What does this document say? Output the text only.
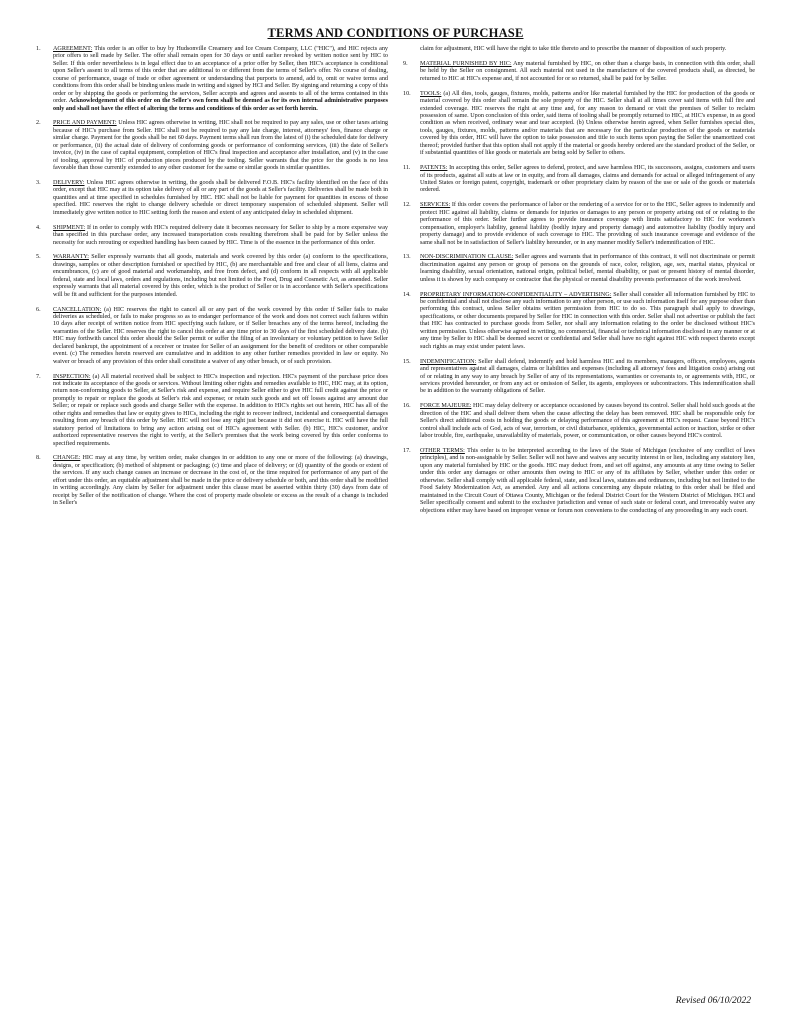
TERMS AND CONDITIONS OF PURCHASE
1. AGREEMENT: This order is an offer to buy by Hudsonville Creamery and Ice Cream Company, LLC ("HIC"), and HIC rejects any prior offers to sell made by Seller. The offer shall remain open for 30 days or until earlier revoked by written notice sent by HIC to Seller. If this order nevertheless is in legal effect due to an acceptance of a prior offer by Seller, then HIC's acceptance is conditional upon Seller's assent to all terms of this order that are additional to or different from the terms of Seller's offer. No course of dealing, course of performance, usage of trade or other agreement or understanding that purports to amend, add to, omit or waive terms and conditions from this order shall be binding unless made in writing and signed by HCI and Seller. By signing and returning a copy of this order or by shipping the goods or performing the services, Seller accepts and agrees and assents to all of the terms contained in this order. Acknowledgement of this order on the Seller's own form shall be deemed as for its own internal administrative purposes only and shall not have the effect of altering the terms and conditions of this order as set forth herein.
2. PRICE AND PAYMENT: Unless HIC agrees otherwise in writing, HIC shall not be required to pay any sales, use or other taxes arising because of HIC's purchase from Seller. HIC shall not be required to pay any late charge, interest, attorneys' fees, finance charge or similar charge. Payment for the goods shall be net 60 days. Payment terms shall run from the latest of (i) the scheduled date for delivery or performance, (ii) the actual date of delivery of conforming goods or performance of conforming services, (iii) the date of Seller's invoice, (iv) in the case of capital equipment, completion of HIC's final inspection and acceptance after installation, and (v) in the case of tooling, approval by HIC of production pieces produced by the tooling. Seller warrants that the price for the goods is no less favorable than those currently extended to any other customer for the same or similar goods in similar quantities.
3. DELIVERY: Unless HIC agrees otherwise in writing, the goods shall be delivered F.O.B. HIC's facility identified on the face of this order, except that HIC may at its option take delivery of all or any part of the goods at Seller's facility. Deliveries shall be made both in quantities and at time specified in schedules furnished by HIC. HIC shall not be liable for payment for quantities in excess of those specified. HIC reserves the right to change delivery schedule or direct temporary suspension of scheduled shipment. Seller will immediately give written notice to HIC setting forth the reason and extent of any anticipated delay in scheduled shipment.
4. SHIPMENT: If in order to comply with HIC's required delivery date it becomes necessary for Seller to ship by a more expensive way than specified in this purchase order, any increased transportation costs resulting therefrom shall be paid for by Seller unless the necessity for such rerouting or expedited handling has been caused by HIC. Time is of the essence in the performance of this order.
5. WARRANTY: Seller expressly warrants that all goods, materials and work covered by this order (a) conform to the specifications, drawings, samples or other description furnished or specified by HIC, (b) are merchantable and free and clear of all liens, claims and encumbrances, (c) are of good material and workmanship, and free from defect, and (d) conform in all respects with all applicable federal, state and local laws, orders and regulations, including but not limited to the Food, Drug and Cosmetic Act, as amended. Seller expressly warrants that all material covered by this order, which is the product of Seller or is in accordance with Seller's specifications will be fit and sufficient for the purposes intended.
6. CANCELLATION: (a) HIC reserves the right to cancel all or any part of the work covered by this order if Seller fails to make deliveries as scheduled, or fails to make progress so as to endanger performance of the work and does not correct such failures within 10 days after receipt of written notice from HIC specifying such failure, or if Seller breaches any of the terms hereof, including the warranties of the Seller. HIC reserves the right to cancel this order at any time prior to 30 days of the first scheduled delivery date. (b) HIC may forthwith cancel this order should the Seller permit or suffer the filing of an involuntary or voluntary petition to have Seller declared bankrupt, the appointment of a receiver or trustee for Seller of an assignment for the benefit of creditors or other comparable event. (c) The remedies herein reserved are cumulative and in addition to any other further remedies provided in law or equity. No waiver or breach of any provision of this order shall constitute a waiver of any other breach, or of such provision.
7. INSPECTION: (a) All material received shall be subject to HIC's inspection and rejection. HIC's payment of the purchase price does not indicate its acceptance of the goods or services. Without limiting other rights and remedies available to HIC, HIC may, at its option, return non-conforming goods to Seller, at Seller's risk and expense, and require Seller either to give HIC full credit against the price or promptly to repair or replace the goods at Seller's risk and expense; or retain such goods and set off losses against any amount due Seller; or repair or replace such goods and charge Seller with the expense. In addition to HIC's rights set out herein, HIC has all of the other rights and remedies that law or equity gives to HICs, including the right to recover indirect, incidental and consequential damages resulting from any breach of this order by Seller. HIC will not lose any right just because it did not exercise it. HIC will have the full statutory period of limitations to bring any action arising out of HIC's agreement with Seller. (b) HIC, HIC's customer, and/or authorized representative reserves the right to verify, at the Seller's premises that the work being covered by this order conforms to specified requirements.
8. CHANGE: HIC may at any time, by written order, make changes in or addition to any one or more of the following: (a) drawings, designs, or specification; (b) method of shipment or packaging; (c) time and place of delivery; or (d) quantity of the goods or extent of the services. If any such change causes an increase or decrease in the cost of, or the time required for performance of any part of the effort under this order, an equitable adjustment shall be made in the price or delivery schedule or both, and this order shall be modified in writing accordingly. Any claim by Seller for adjustment under this clause must be asserted within thirty (30) days from date of receipt by Seller of the notification of change. Where the cost of property made obsolete or excess as the result of a change is included in Seller's
claim for adjustment, HIC will have the right to take title thereto and to prescribe the manner of disposition of such property.
9. MATERIAL FURNISHED BY HIC: Any material furnished by HIC, on other than a charge basis, in connection with this order, shall be held by the Seller on consignment. All such material not used in the manufacture of the covered products shall, as directed, be returned to HIC at HIC's expense and, if not accounted for or so returned, shall be paid for by Seller.
10. TOOLS: (a) All dies, tools, gauges, fixtures, molds, patterns and/or like material furnished by the HIC for production of the goods or material covered by this order shall remain the sole property of the HIC. Seller shall at all times cover said items with full fire and extended coverage. HIC reserves the right at any time and, for any reason to demand or visit the premises of Seller to reclaim possession of same. Upon conclusion of this order, said items of tooling shall be promptly returned to HIC, at HIC's expense, in as good condition as when received, ordinary wear and tear accepted. (b) Unless otherwise herein agreed, when Seller furnishes special dies, tools, gauges, fixtures, molds, patterns and/or materials that are necessary for the particular production of the goods or materials covered by this order, HIC will have the option to take possession and title to such items upon paying the Seller the unamortized cost thereof; provided further that this option shall not apply if the material or goods hereby ordered are the standard product of the Seller, or if substantial quantities of like goods or materials are being sold by Seller to others.
11. PATENTS: In accepting this order, Seller agrees to defend, protect, and save harmless HIC, its successors, assigns, customers and users of its products, against all suits at law or in equity, and from all damages, claims and demands for actual or alleged infringement of any United States or foreign patent, copyright, trademark or other proprietary claim by reason of the use or sale of the goods or materials ordered.
12. SERVICES: If this order covers the performance of labor or the rendering of a service for or to the HIC, Seller agrees to indemnify and protect HIC against all liability, claims or demands for injuries or damages to any person or property arising out of or relating to the performance of this order. Seller further agrees to provide insurance coverage with limits satisfactory to HIC for workmen's compensation, employer's liability, general liability (bodily injury and property damage) and automotive liability (bodily injury and property damage) and to provide evidence of such coverage to HIC. The providing of such insurance coverage and evidence of the same shall not be in satisfaction of Seller's liability hereunder, or in any manner modify Seller's indemnification of HIC.
13. NON-DISCRIMINATION CLAUSE: Seller agrees and warrants that in performance of this contract, it will not discriminate or permit discrimination against any person or group of persons on the grounds of race, color, religion, age, sex, marital status, physical or learning disability, sexual orientation, national origin, political belief, mental disability, or past or present history of mental disorder, unless it is shown by such company or contractor that the physical or mental disability prevents performance of the work involved.
14. PROPRIETARY INFORMATION-CONFIDENTIALITY – ADVERTISING: Seller shall consider all information furnished by HIC to be confidential and shall not disclose any such information to any other person, or use such information itself for any purpose other than performing this contract, unless Seller obtains written permission from HIC to do so. This paragraph shall apply to drawings, specifications, or other documents prepared by Seller for HIC in connection with this order. Seller shall not advertise or publish the fact that HIC has contracted to purchase goods from Seller, nor shall any information relating to the order be disclosed without HIC's written permission. Unless otherwise agreed in writing, no commercial, financial or technical information disclosed in any manner or at any time by Seller to HIC shall be deemed secret or confidential and Seller shall have no right against HIC with respect thereto except such rights as may exist under patent laws.
15. INDEMNIFICATION: Seller shall defend, indemnify and hold harmless HIC and its members, managers, officers, employees, agents and representatives against all damages, claims or liabilities and expenses (including all attorneys' fees and litigation costs) arising out of or relating in any way to any breach by Seller of any of its representations, warranties or covenants to, or agreements with, HIC, or services provided hereunder, or from any act or omission of Seller, its agents, employees or subcontractors. This indemnification shall be in addition to the warranty obligations of Seller.
16. FORCE MAJEURE: HIC may delay delivery or acceptance occasioned by causes beyond its control. Seller shall hold such goods at the direction of the HIC and shall deliver them when the cause affecting the delay has been removed. HIC shall be responsible only for Seller's direct additional costs in holding the goods or delaying performance of this agreement at HIC's request. Cause beyond HIC's control shall include acts of God, acts of war, terrorism, or civil disturbance, epidemics, governmental action or inaction, strike or other labor trouble, fire, earthquake, unavailability of materials, power, or communication, or other causes beyond HIC's control.
17. OTHER TERMS: This order is to be interpreted according to the laws of the State of Michigan (exclusive of any conflict of laws principles), and is non-assignable by Seller. Seller will not have and waives any security interest in or lien, including any statutory lien, upon any material furnished by HIC or the goods. HIC may deduct from, and set off against, any amounts at any time owing to Seller under this order any damages or other amounts then owing to HIC or any of its affiliates by Seller, whether under this order or otherwise. Seller shall comply with all applicable federal, state, and local laws, statutes and ordinances, including but not limited to the Food Safety Modernization Act, as amended. Any and all actions concerning any dispute relating to this order shall be filed and maintained in the Circuit Court of Ottawa County, Michigan or the federal District Court for the Western District of Michigan. HCI and Seller specifically consent and submit to the exclusive jurisdiction and venue of such state or federal court, and irrevocably waive any objections either may have based on improper venue or forum non conveniens to the conducting of any proceeding in any such court.
Revised 06/10/2022
